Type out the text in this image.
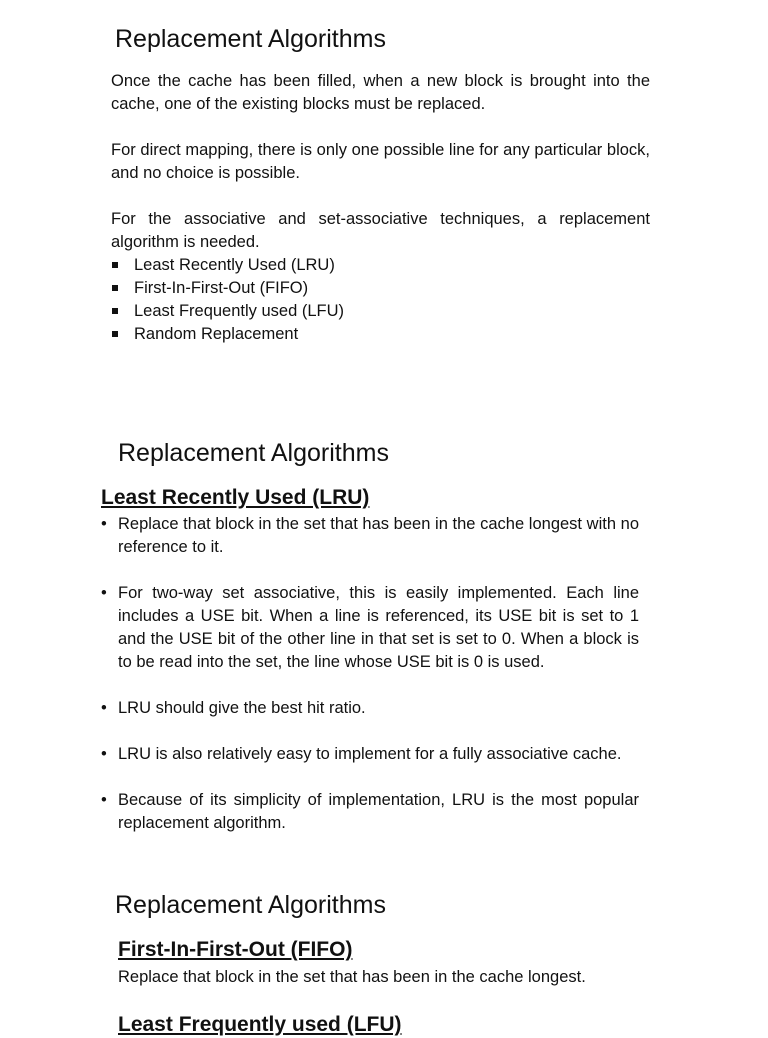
Replacement Algorithms

Once the cache has been filled, when a new block is brought into the cache, one of the existing blocks must be replaced.

For direct mapping, there is only one possible line for any particular block, and no choice is possible.

For the associative and set-associative techniques, a replacement algorithm is needed.

Least Recently Used (LRU)
First-In-First-Out (FIFO)
Least Frequently used (LFU)
Random Replacement
Replacement Algorithms
Least Recently Used (LRU)
• Replace that block in the set that has been in the cache longest with no reference to it.
• For two-way set associative, this is easily implemented. Each line includes a USE bit. When a line is referenced, its USE bit is set to 1 and the USE bit of the other line in that set is set to 0. When a block is to be read into the set, the line whose USE bit is 0 is used.
• LRU should give the best hit ratio.
• LRU is also relatively easy to implement for a fully associative cache.
• Because of its simplicity of implementation, LRU is the most popular replacement algorithm.
Replacement Algorithms
First-In-First-Out (FIFO)

Replace that block in the set that has been in the cache longest.

Least Frequently used (LFU)
